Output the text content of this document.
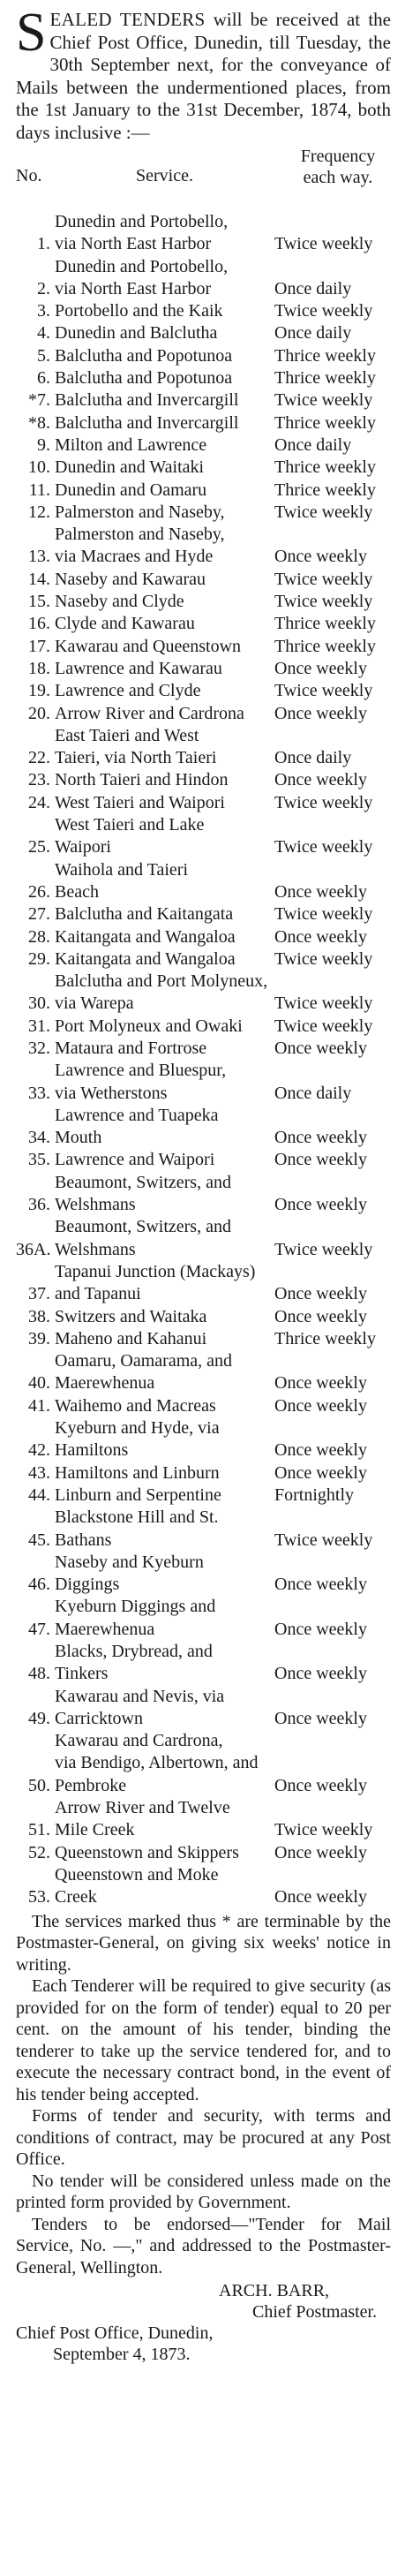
SEALED TENDERS will be received at the Chief Post Office, Dunedin, till Tuesday, the 30th September next, for the conveyance of Mails between the undermentioned places, from the 1st January to the 31st December, 1874, both days inclusive :—

No.	Service.
Frequency each way.
1.
Dunedin and Portobello,
via North East Harbor	Twice weekly
2.
Dunedin and Portobello,
via North East Harbor	Once daily
3. Portobello and the Kaik	Twice weekly
4. Dunedin and Balclutha	Once daily
5. Balclutha and Popotunoa	Thrice weekly
6. Balclutha and Popotunoa	Thrice weekly
*7. Balclutha and Invercargill	Twice weekly
*8. Balclutha and Invercargill	Thrice weekly
9. Milton and Lawrence	Once daily
10. Dunedin and Waitaki	Thrice weekly
11. Dunedin and Oamaru	Thrice weekly
12. Palmerston and Naseby,	Twice weekly
13.
Palmerston and Naseby,
via Macraes and Hyde	Once weekly
14. Naseby and Kawarau	Twice weekly
15. Naseby and Clyde	Twice weekly
16. Clyde and Kawarau	Thrice weekly
17. Kawarau and Queenstown	Thrice weekly
18. Lawrence and Kawarau	Once weekly
19. Lawrence and Clyde	Twice weekly
20. Arrow River and Cardrona	Once weekly
22.
East Taieri and West
Taieri, via North Taieri	Once daily
23. North Taieri and Hindon	Once weekly
24. West Taieri and Waipori	Twice weekly
25.
West Taieri and Lake
Waipori	Twice weekly
26.
Waihola and Taieri
Beach	Once weekly
27. Balclutha and Kaitangata	Twice weekly
28. Kaitangata and Wangaloa	Once weekly
29. Kaitangata and Wangaloa	Twice weekly
30.
Balclutha and Port Molyneux, via Warepa	Twice weekly
31. Port Molyneux and Owaki	Twice weekly
32. Mataura and Fortrose	Once weekly
33.
Lawrence and Bluespur,
via Wetherstons	Once daily
34.
Lawrence and Tuapeka
Mouth	Once weekly
35. Lawrence and Waipori	Once weekly
36.
Beaumont, Switzers, and
Welshmans	Once weekly
36A.
Beaumont, Switzers, and
Welshmans	Twice weekly
37.
Tapanui Junction (Mackays) and Tapanui	Once weekly
38. Switzers and Waitaka	Once weekly
39. Maheno and Kahanui	Thrice weekly
40.
Oamaru, Oamarama, and
Maerewhenua	Once weekly
41. Waihemo and Macreas	Once weekly
42.
Kyeburn and Hyde, via
Hamiltons	Once weekly
43. Hamiltons and Linburn	Once weekly
44. Linburn and Serpentine	Fortnightly
45.
Blackstone Hill and St.
Bathans	Twice weekly
46.
Naseby and Kyeburn
Diggings	Once weekly
47.
Kyeburn Diggings and
Maerewhenua	Once weekly
48.
Blacks, Drybread, and
Tinkers	Once weekly
49.
Kawarau and Nevis, via
Carricktown	Once weekly
50.
Kawarau and Cardrona,
via Bendigo, Albertown, and Pembroke	Once weekly
51.
Arrow River and Twelve
Mile Creek	Twice weekly
52. Queenstown and Skippers	Once weekly
53.
Queenstown and Moke
Creek	Once weekly

The services marked thus * are terminable by the Postmaster-General, on giving six weeks' notice in writing.

Each Tenderer will be required to give security (as provided for on the form of tender) equal to 20 per cent. on the amount of his tender, binding the tenderer to take up the service tendered for, and to execute the necessary contract bond, in the event of his tender being accepted.

Forms of tender and security, with terms and conditions of contract, may be procured at any Post Office.

No tender will be considered unless made on the printed form provided by Government.

Tenders to be endorsed—"Tender for Mail Service, No. —," and addressed to the Postmaster-General, Wellington.

ARCH. BARR,
Chief Postmaster.
Chief Post Office, Dunedin,
September 4, 1873.
